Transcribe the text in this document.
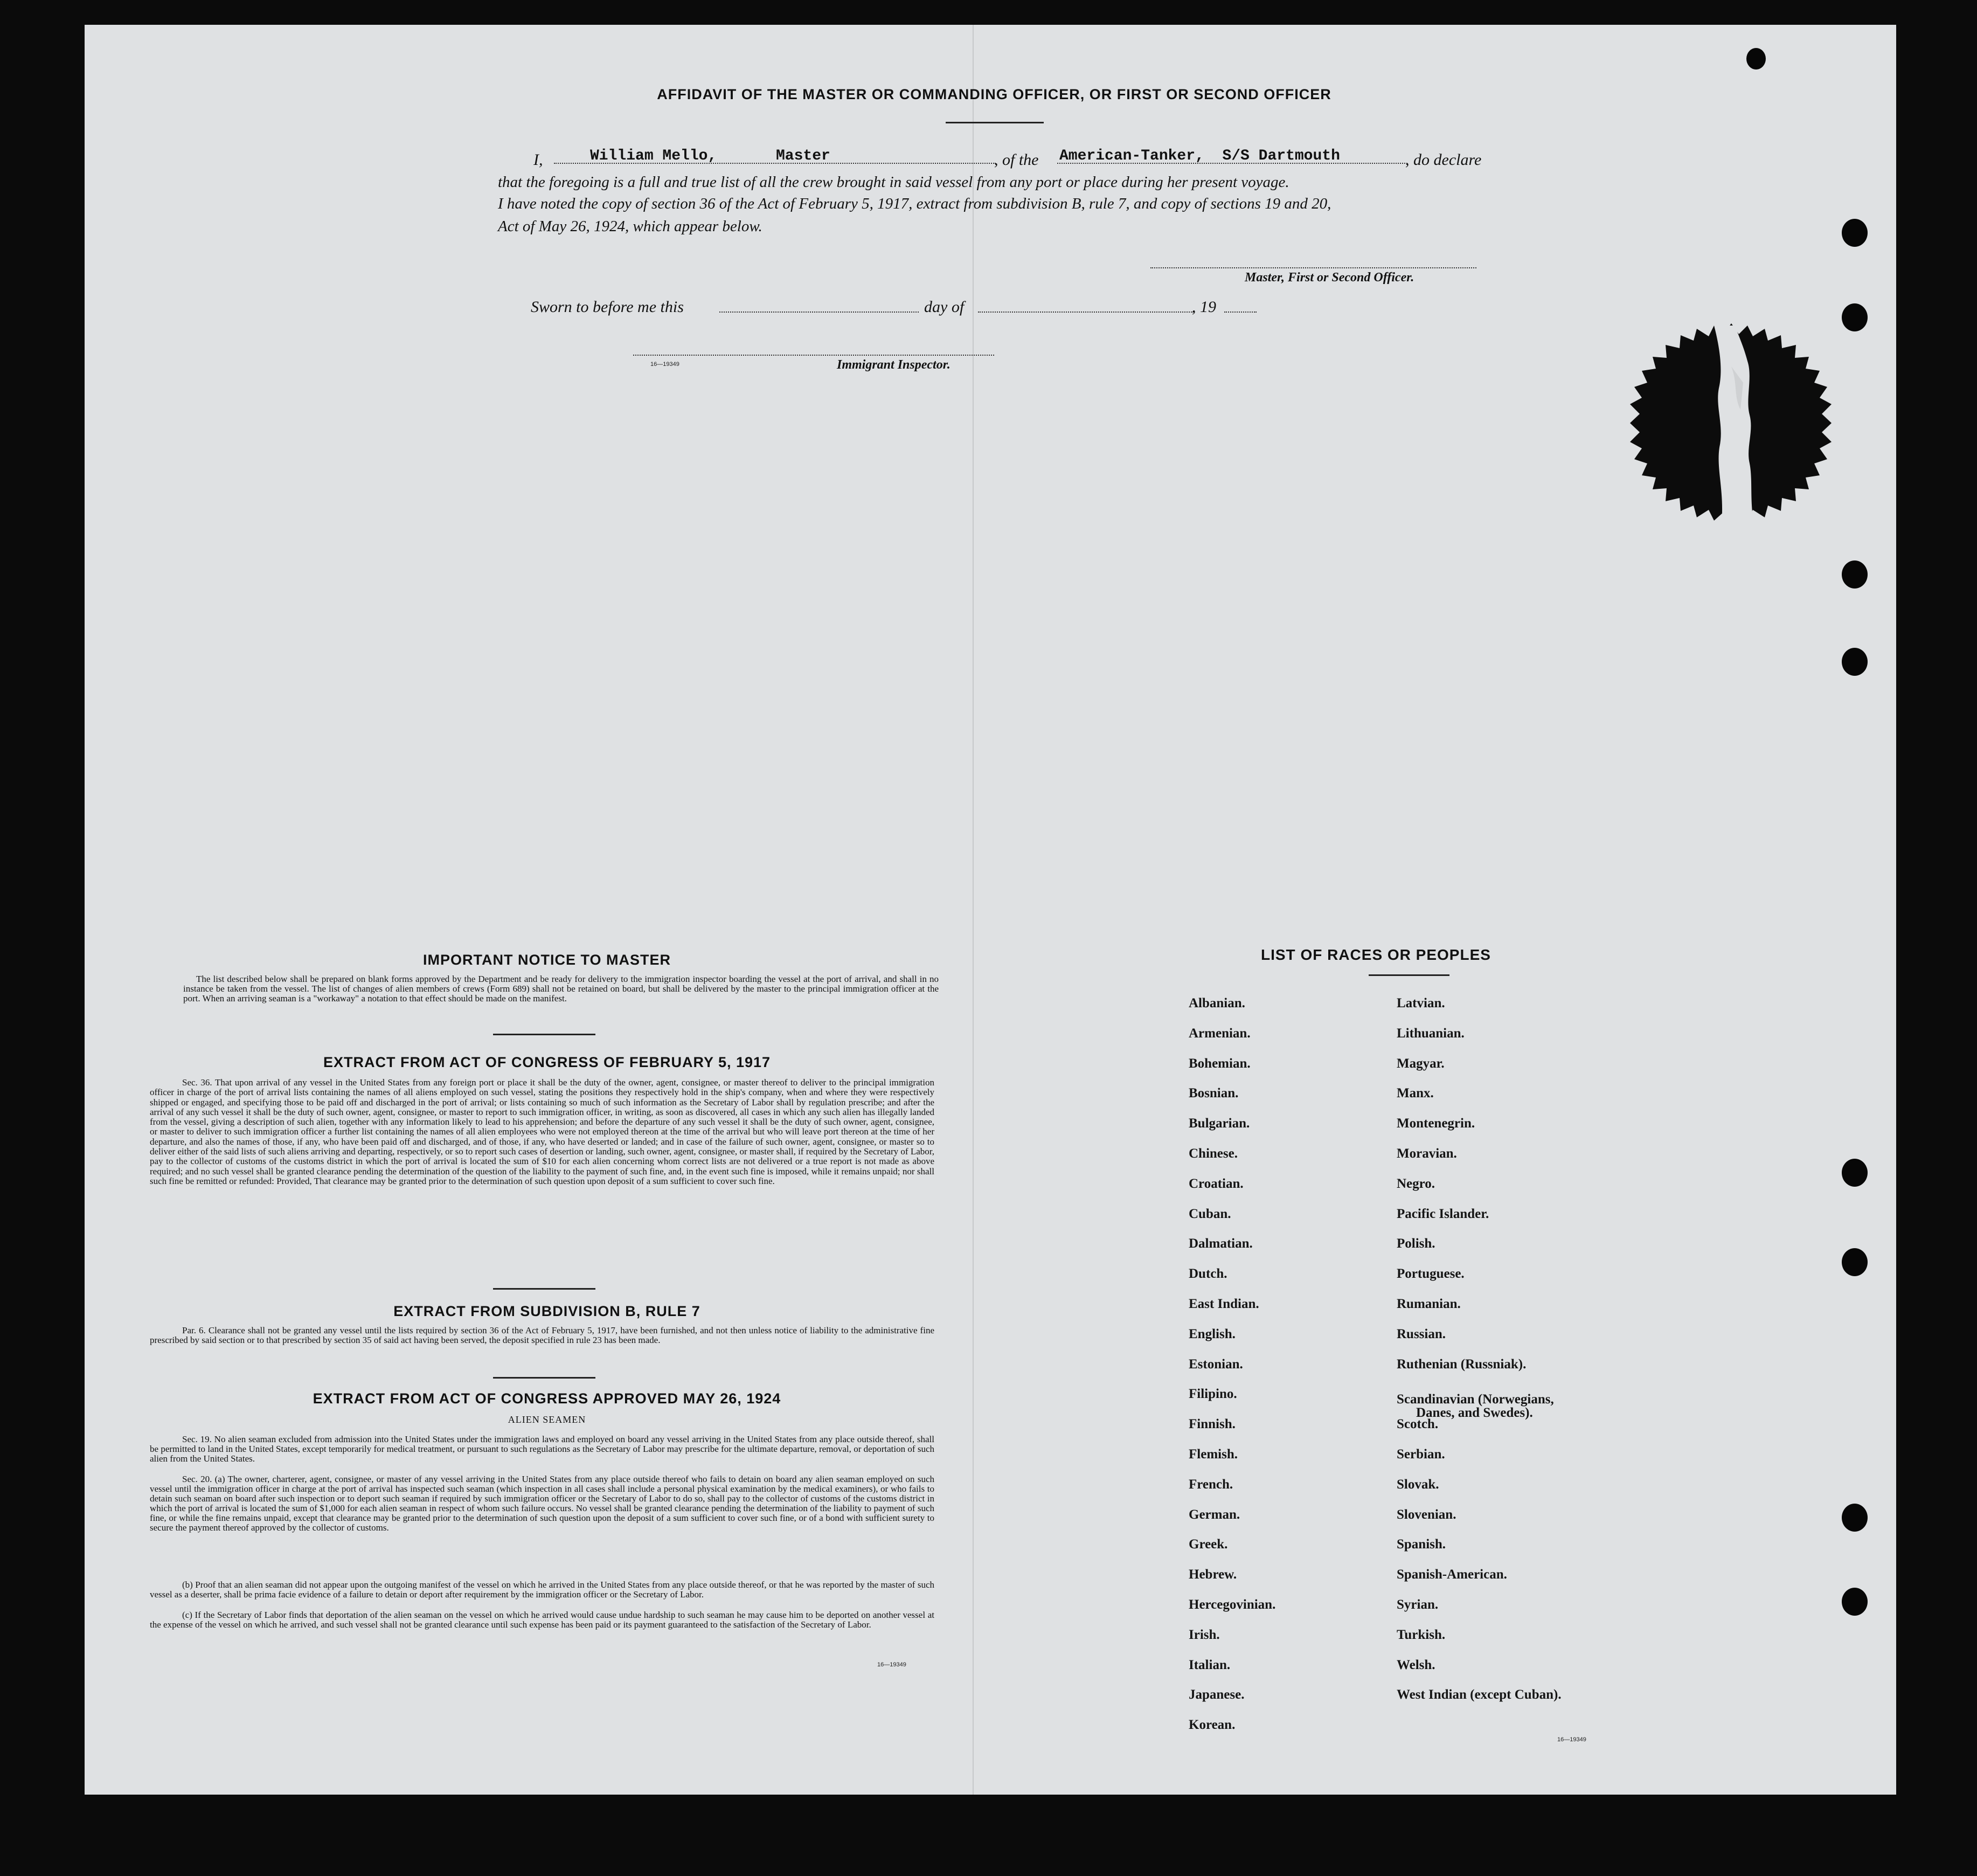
AFFIDAVIT OF THE MASTER OR COMMANDING OFFICER, OR FIRST OR SECOND OFFICER
I,	William Mello,	Master	, of the American-Tanker,  S/S Dartmouth	, do declare
that the foregoing is a full and true list of all the crew brought in said vessel from any port or place during her present voyage.
I have noted the copy of section 36 of the Act of February 5, 1917, extract from subdivision B, rule 7, and copy of sections 19 and 20,
Act of May 26, 1924, which appear below.
Master, First or Second Officer.
Sworn to before me this	day of	, 19
16—19349	Immigrant Inspector.
IMPORTANT NOTICE TO MASTER
The list described below shall be prepared on blank forms approved by the Department and be ready for delivery to the immigration inspector boarding the vessel at the port of arrival, and shall in no instance be taken from the vessel. The list of changes of alien members of crews (Form 689) shall not be retained on board, but shall be delivered by the master to the principal immigration officer at the port. When an arriving seaman is a "workaway" a notation to that effect should be made on the manifest.
EXTRACT FROM ACT OF CONGRESS OF FEBRUARY 5, 1917
Sec. 36. That upon arrival of any vessel in the United States from any foreign port or place it shall be the duty of the owner, agent, consignee, or master thereof to deliver to the principal immigration officer in charge of the port of arrival lists containing the names of all aliens employed on such vessel, stating the positions they respectively hold in the ship's company, when and where they were respectively shipped or engaged, and specifying those to be paid off and discharged in the port of arrival; or lists containing so much of such information as the Secretary of Labor shall by regulation prescribe; and after the arrival of any such vessel it shall be the duty of such owner, agent, consignee, or master to report to such immigration officer, in writing, as soon as discovered, all cases in which any such alien has illegally landed from the vessel, giving a description of such alien, together with any information likely to lead to his apprehension; and before the departure of any such vessel it shall be the duty of such owner, agent, consignee, or master to deliver to such immigration officer a further list containing the names of all alien employees who were not employed thereon at the time of the arrival but who will leave port thereon at the time of her departure, and also the names of those, if any, who have been paid off and discharged, and of those, if any, who have deserted or landed; and in case of the failure of such owner, agent, consignee, or master so to deliver either of the said lists of such aliens arriving and departing, respectively, or so to report such cases of desertion or landing, such owner, agent, consignee, or master shall, if required by the Secretary of Labor, pay to the collector of customs of the customs district in which the port of arrival is located the sum of $10 for each alien concerning whom correct lists are not delivered or a true report is not made as above required; and no such vessel shall be granted clearance pending the determination of the question of the liability to the payment of such fine, and, in the event such fine is imposed, while it remains unpaid; nor shall such fine be remitted or refunded: Provided, That clearance may be granted prior to the determination of such question upon deposit of a sum sufficient to cover such fine.
EXTRACT FROM SUBDIVISION B, RULE 7
Par. 6. Clearance shall not be granted any vessel until the lists required by section 36 of the Act of February 5, 1917, have been furnished, and not then unless notice of liability to the administrative fine prescribed by said section or to that prescribed by section 35 of said act having been served, the deposit specified in rule 23 has been made.
EXTRACT FROM ACT OF CONGRESS APPROVED MAY 26, 1924
ALIEN SEAMEN
Sec. 19. No alien seaman excluded from admission into the United States under the immigration laws and employed on board any vessel arriving in the United States from any place outside thereof, shall be permitted to land in the United States, except temporarily for medical treatment, or pursuant to such regulations as the Secretary of Labor may prescribe for the ultimate departure, removal, or deportation of such alien from the United States.
Sec. 20. (a) The owner, charterer, agent, consignee, or master of any vessel arriving in the United States from any place outside thereof who fails to detain on board any alien seaman employed on such vessel until the immigration officer in charge at the port of arrival has inspected such seaman (which inspection in all cases shall include a personal physical examination by the medical examiners), or who fails to detain such seaman on board after such inspection or to deport such seaman if required by such immigration officer or the Secretary of Labor to do so, shall pay to the collector of customs of the customs district in which the port of arrival is located the sum of $1,000 for each alien seaman in respect of whom such failure occurs. No vessel shall be granted clearance pending the determination of the liability to payment of such fine, or while the fine remains unpaid, except that clearance may be granted prior to the determination of such question upon the deposit of a sum sufficient to cover such fine, or of a bond with sufficient surety to secure the payment thereof approved by the collector of customs.
(b) Proof that an alien seaman did not appear upon the outgoing manifest of the vessel on which he arrived in the United States from any place outside thereof, or that he was reported by the master of such vessel as a deserter, shall be prima facie evidence of a failure to detain or deport after requirement by the immigration officer or the Secretary of Labor.
(c) If the Secretary of Labor finds that deportation of the alien seaman on the vessel on which he arrived would cause undue hardship to such seaman he may cause him to be deported on another vessel at the expense of the vessel on which he arrived, and such vessel shall not be granted clearance until such expense has been paid or its payment guaranteed to the satisfaction of the Secretary of Labor.
16—19349
LIST OF RACES OR PEOPLES
Danes, and Swedes).
16—19349
Albanian.
Armenian.
Bohemian.
Bosnian.
Bulgarian.
Chinese.
Croatian.
Cuban.
Dalmatian.
Dutch.
East Indian.
English.
Estonian.
Filipino.
Finnish.
Flemish.
French.
German.
Greek.
Hebrew.
Hercegovinian.
Irish.
Italian.
Japanese.
Korean.
Latvian.
Lithuanian.
Magyar.
Manx.
Montenegrin.
Moravian.
Negro.
Pacific Islander.
Polish.
Portuguese.
Rumanian.
Russian.
Ruthenian (Russniak).
Scandinavian (Norwegians,
Scotch.
Serbian.
Slovak.
Slovenian.
Spanish.
Spanish-American.
Syrian.
Turkish.
Welsh.
West Indian (except Cuban).
